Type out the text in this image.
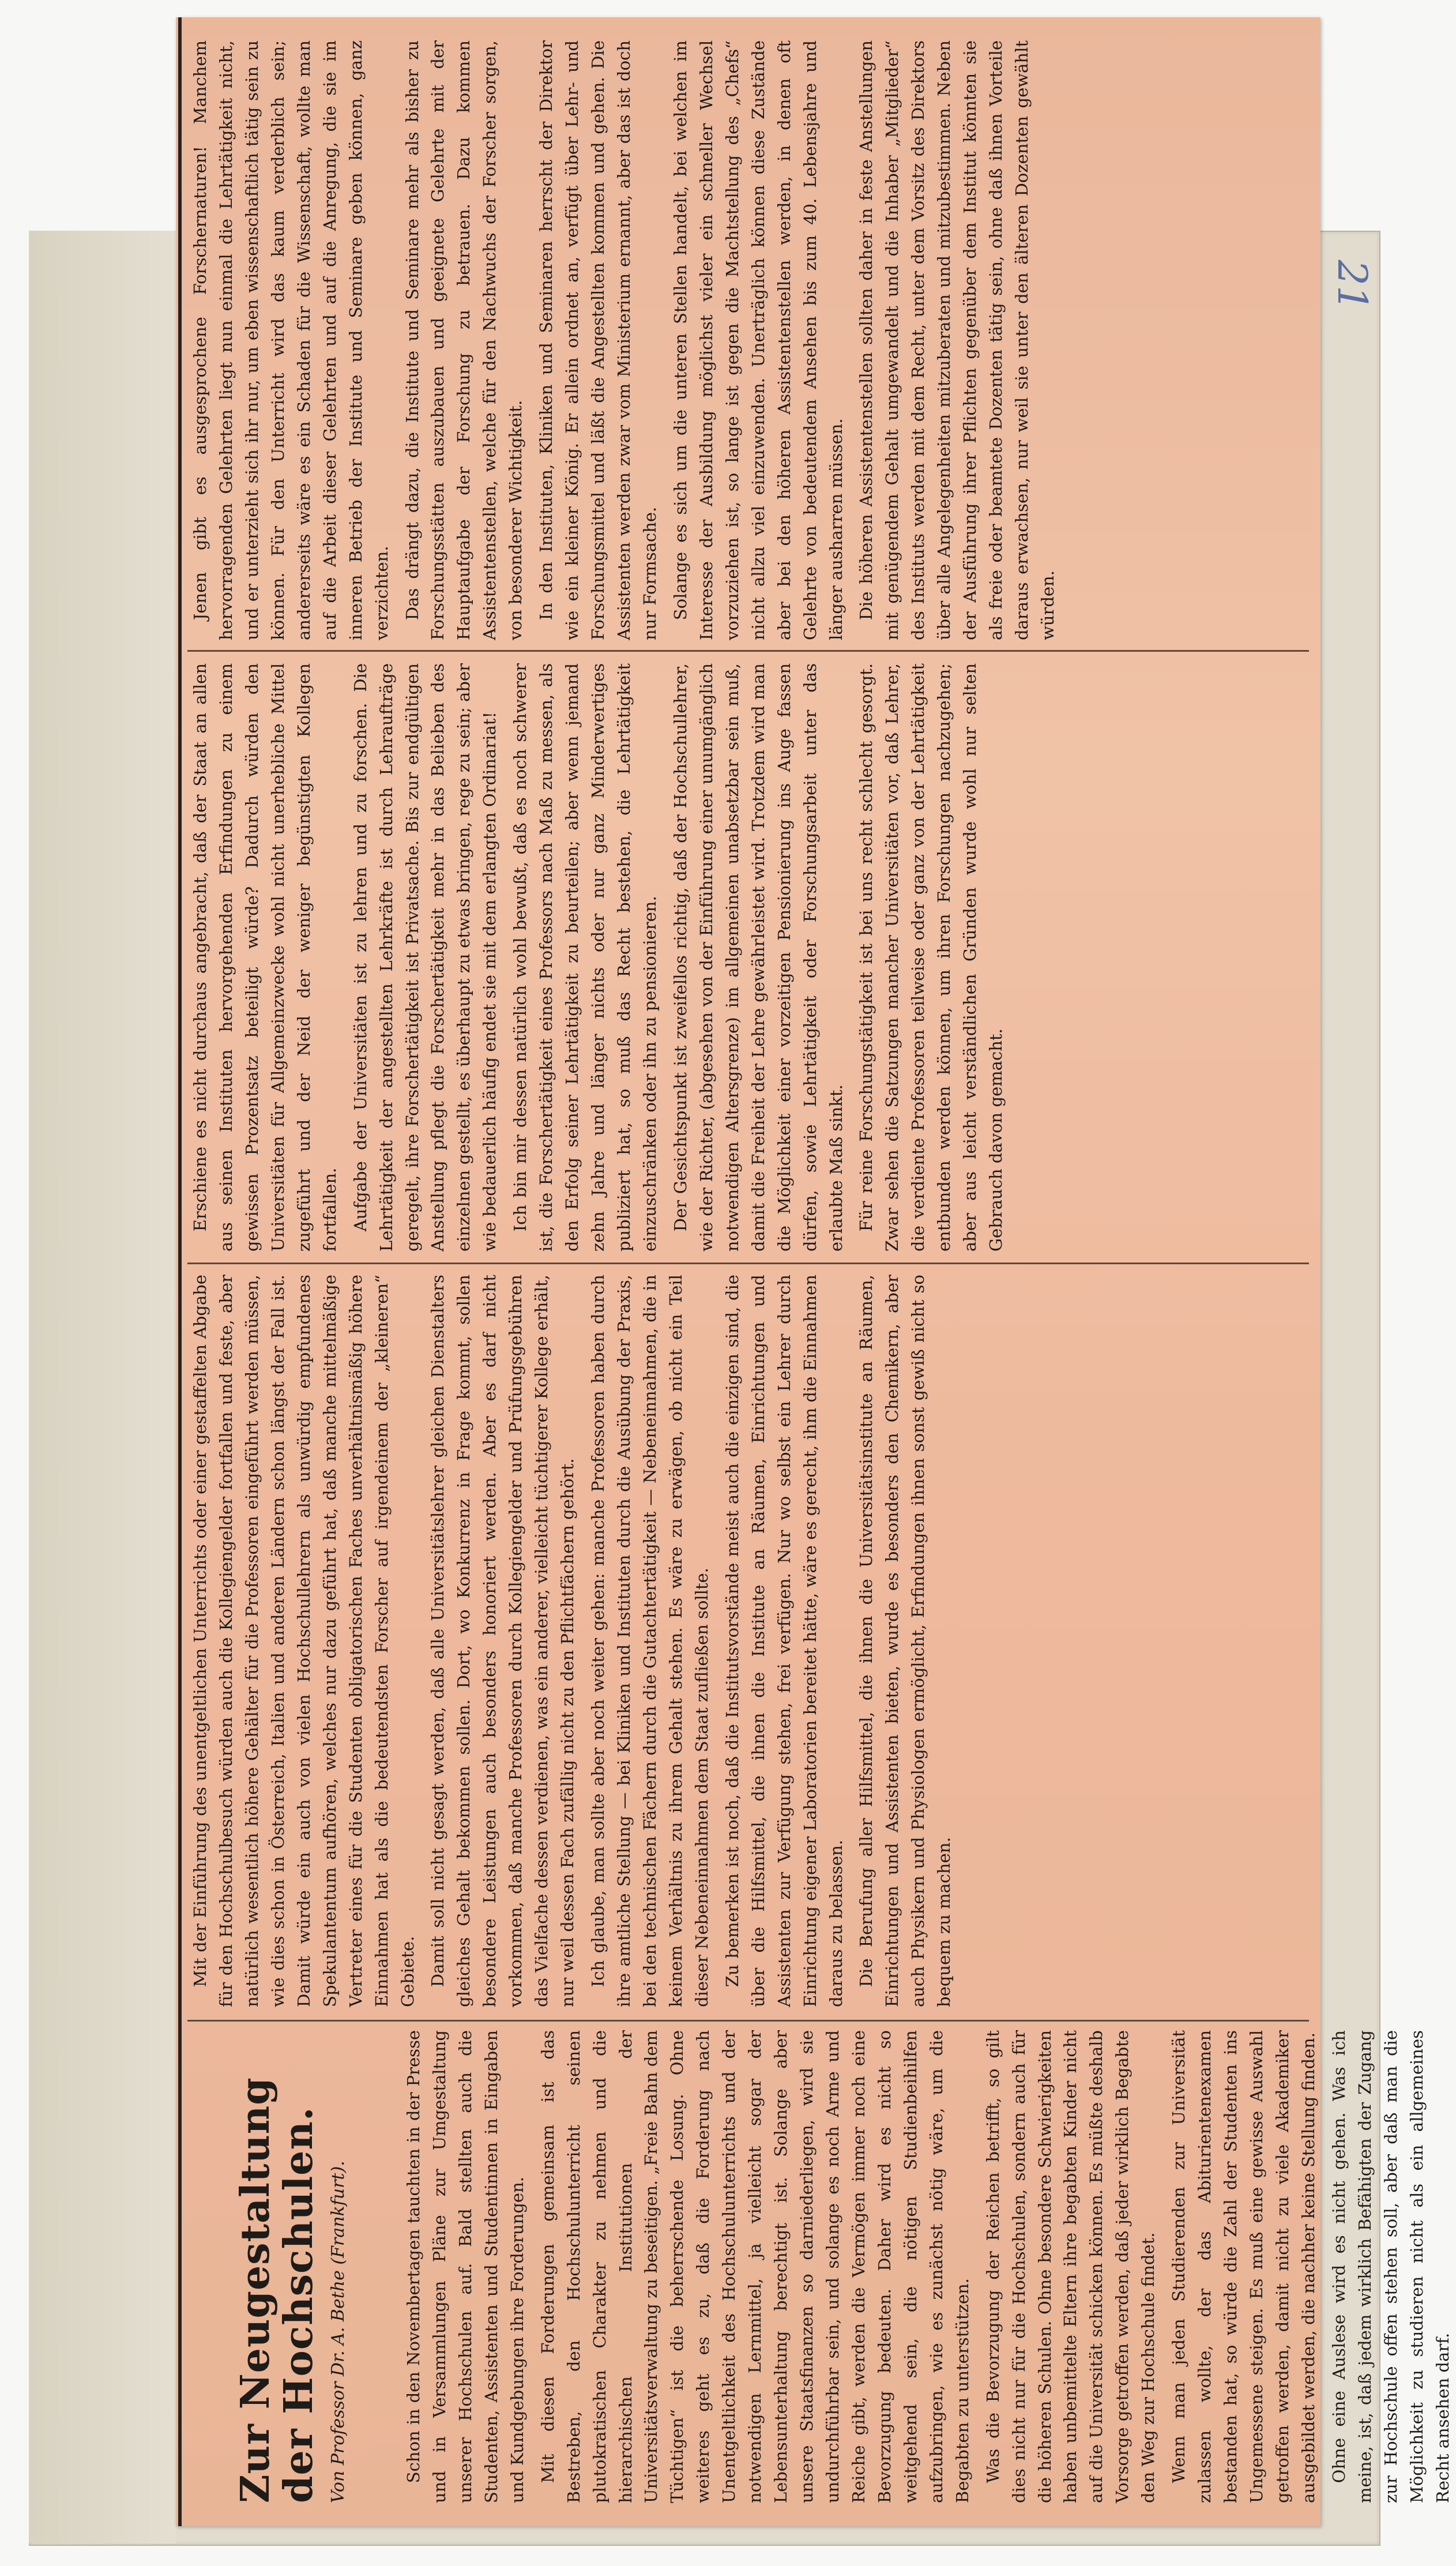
21
Zur Neugestaltung der Hochschulen. Von Professor Dr. A. Bethe (Frankfurt).	Schon in den Novembertagen tauchten in der Presse und in Versammlungen Pläne zur Umgestaltung unserer Hochschulen auf. Bald stellten auch die Studenten, Assistenten und Studentinnen in Eingaben und Kundgebungen ihre Forderungen. Mit diesen Forderungen gemeinsam ist das Bestreben, den Hochschulunterricht seinen plutokratischen Charakter zu nehmen und die hierarchischen Institutionen der Universitätsverwaltung zu beseitigen. „Freie Bahn dem Tüchtigen“ ist die beherrschende Losung. Ohne weiteres geht es zu, daß die Forderung nach Unentgeltlichkeit des Hochschulunterrichts und der notwendigen Lernmittel, ja vielleicht sogar der Lebensunterhaltung berechtigt ist. Solange aber unsere Staatsfinanzen so darniederliegen, wird sie undurchführbar sein, und solange es noch Arme und Reiche gibt, werden die Vermögen immer noch eine Bevorzugung bedeuten. Daher wird es nicht so weitgehend sein, die nötigen Studienbeihilfen aufzubringen, wie es zunächst nötig wäre, um die Begabten zu unterstützen. Was die Bevorzugung der Reichen betrifft, so gilt dies nicht nur für die Hochschulen, sondern auch für die höheren Schulen. Ohne besondere Schwierigkeiten haben unbemittelte Eltern ihre begabten Kinder nicht auf die Universität schicken können. Es müßte deshalb Vorsorge getroffen werden, daß jeder wirklich Begabte den Weg zur Hochschule findet. Wenn man jeden Studierenden zur Universität zulassen wollte, der das Abiturientenexamen bestanden hat, so würde die Zahl der Studenten ins Ungemessene steigen. Es muß eine gewisse Auswahl getroffen werden, damit nicht zu viele Akademiker ausgebildet werden, die nachher keine Stellung finden. Ohne eine Auslese wird es nicht gehen. Was ich meine, ist, daß jedem wirklich Befähigten der Zugang zur Hochschule offen stehen soll, aber daß man die Möglichkeit zu studieren nicht als ein allgemeines Recht ansehen darf.

Mit der Einführung des unentgeltlichen Unterrichts oder einer gestaffelten Abgabe für den Hochschulbesuch würden auch die Kollegiengelder fortfallen und feste, aber natürlich wesentlich höhere Gehälter für die Professoren eingeführt werden müssen, wie dies schon in Österreich, Italien und anderen Ländern schon längst der Fall ist. Damit würde ein auch von vielen Hochschullehrern als unwürdig empfundenes Spekulantentum aufhören, welches nur dazu geführt hat, daß manche mittelmäßige Vertreter eines für die Studenten obligatorischen Faches unverhältnismäßig höhere Einnahmen hat als die bedeutendsten Forscher auf irgendeinem der „kleineren“ Gebiete. Damit soll nicht gesagt werden, daß alle Universitätslehrer gleichen Dienstalters gleiches Gehalt bekommen sollen. Dort, wo Konkurrenz in Frage kommt, sollen besondere Leistungen auch besonders honoriert werden. Aber es darf nicht vorkommen, daß manche Professoren durch Kollegiengelder und Prüfungsgebühren das Vielfache dessen verdienen, was ein anderer, vielleicht tüchtigerer Kollege erhält, nur weil dessen Fach zufällig nicht zu den Pflichtfächern gehört. Ich glaube, man sollte aber noch weiter gehen: manche Professoren haben durch ihre amtliche Stellung — bei Kliniken und Instituten durch die Ausübung der Praxis, bei den technischen Fächern durch die Gutachtertätigkeit — Nebeneinnahmen, die in keinem Verhältnis zu ihrem Gehalt stehen. Es wäre zu erwägen, ob nicht ein Teil dieser Nebeneinnahmen dem Staat zufließen sollte. Zu bemerken ist noch, daß die Institutsvorstände meist auch die einzigen sind, die über die Hilfsmittel, die ihnen die Institute an Räumen, Einrichtungen und Assistenten zur Verfügung stehen, frei verfügen. Nur wo selbst ein Lehrer durch Einrichtung eigener Laboratorien bereitet hätte, wäre es gerecht, ihm die Einnahmen daraus zu belassen. Die Berufung aller Hilfsmittel, die ihnen die Universitätsinstitute an Räumen, Einrichtungen und Assistenten bieten, wurde es besonders den Chemikern, aber auch Physikern und Physiologen ermöglicht, Erfindungen ihnen sonst gewiß nicht so bequem zu machen.

Erschiene es nicht durchaus angebracht, daß der Staat an allen aus seinen Instituten hervorgehenden Erfindungen zu einem gewissen Prozentsatz beteiligt würde? Dadurch würden den Universitäten für Allgemeinzwecke wohl nicht unerhebliche Mittel zugeführt und der Neid der weniger begünstigten Kollegen fortfallen. Aufgabe der Universitäten ist zu lehren und zu forschen. Die Lehrtätigkeit der angestellten Lehrkräfte ist durch Lehraufträge geregelt, ihre Forschertätigkeit ist Privatsache. Bis zur endgültigen Anstellung pflegt die Forschertätigkeit mehr in das Belieben des einzelnen gestellt, es überhaupt zu etwas bringen, rege zu sein; aber wie bedauerlich häufig endet sie mit dem erlangten Ordinariat! Ich bin mir dessen natürlich wohl bewußt, daß es noch schwerer ist, die Forschertätigkeit eines Professors nach Maß zu messen, als den Erfolg seiner Lehrtätigkeit zu beurteilen; aber wenn jemand zehn Jahre und länger nichts oder nur ganz Minderwertiges publiziert hat, so muß das Recht bestehen, die Lehrtätigkeit einzuschränken oder ihn zu pensionieren. Der Gesichtspunkt ist zweifellos richtig, daß der Hochschullehrer, wie der Richter, (abgesehen von der Einführung einer unumgänglich notwendigen Altersgrenze) im allgemeinen unabsetzbar sein muß, damit die Freiheit der Lehre gewährleistet wird. Trotzdem wird man die Möglichkeit einer vorzeitigen Pensionierung ins Auge fassen dürfen, sowie Lehrtätigkeit oder Forschungsarbeit unter das erlaubte Maß sinkt. Für reine Forschungstätigkeit ist bei uns recht schlecht gesorgt. Zwar sehen die Satzungen mancher Universitäten vor, daß Lehrer, die verdiente Professoren teilweise oder ganz von der Lehrtätigkeit entbunden werden können, um ihren Forschungen nachzugehen; aber aus leicht verständlichen Gründen wurde wohl nur selten Gebrauch davon gemacht.

Jenen gibt es ausgesprochene Forschernaturen! Manchem hervorragenden Gelehrten liegt nun einmal die Lehrtätigkeit nicht, und er unterzieht sich ihr nur, um eben wissenschaftlich tätig sein zu können. Für den Unterricht wird das kaum verderblich sein; andererseits wäre es ein Schaden für die Wissenschaft, wollte man auf die Arbeit dieser Gelehrten und auf die Anregung, die sie im inneren Betrieb der Institute und Seminare geben können, ganz verzichten. Das drängt dazu, die Institute und Seminare mehr als bisher zu Forschungsstätten auszubauen und geeignete Gelehrte mit der Hauptaufgabe der Forschung zu betrauen. Dazu kommen Assistentenstellen, welche für den Nachwuchs der Forscher sorgen, von besonderer Wichtigkeit. In den Instituten, Kliniken und Seminaren herrscht der Direktor wie ein kleiner König. Er allein ordnet an, verfügt über Lehr- und Forschungsmittel und läßt die Angestellten kommen und gehen. Die Assistenten werden zwar vom Ministerium ernannt, aber das ist doch nur Formsache. Solange es sich um die unteren Stellen handelt, bei welchen im Interesse der Ausbildung möglichst vieler ein schneller Wechsel vorzuziehen ist, so lange ist gegen die Machtstellung des „Chefs“ nicht allzu viel einzuwenden. Unerträglich können diese Zustände aber bei den höheren Assistentenstellen werden, in denen oft Gelehrte von bedeutendem Ansehen bis zum 40. Lebensjahre und länger ausharren müssen. Die höheren Assistentenstellen sollten daher in feste Anstellungen mit genügendem Gehalt umgewandelt und die Inhaber „Mitglieder“ des Instituts werden mit dem Recht, unter dem Vorsitz des Direktors über alle Angelegenheiten mitzuberaten und mitzubestimmen. Neben der Ausführung ihrer Pflichten gegenüber dem Institut könnten sie als freie oder beamtete Dozenten tätig sein, ohne daß ihnen Vorteile daraus erwachsen, nur weil sie unter den älteren Dozenten gewählt würden.
